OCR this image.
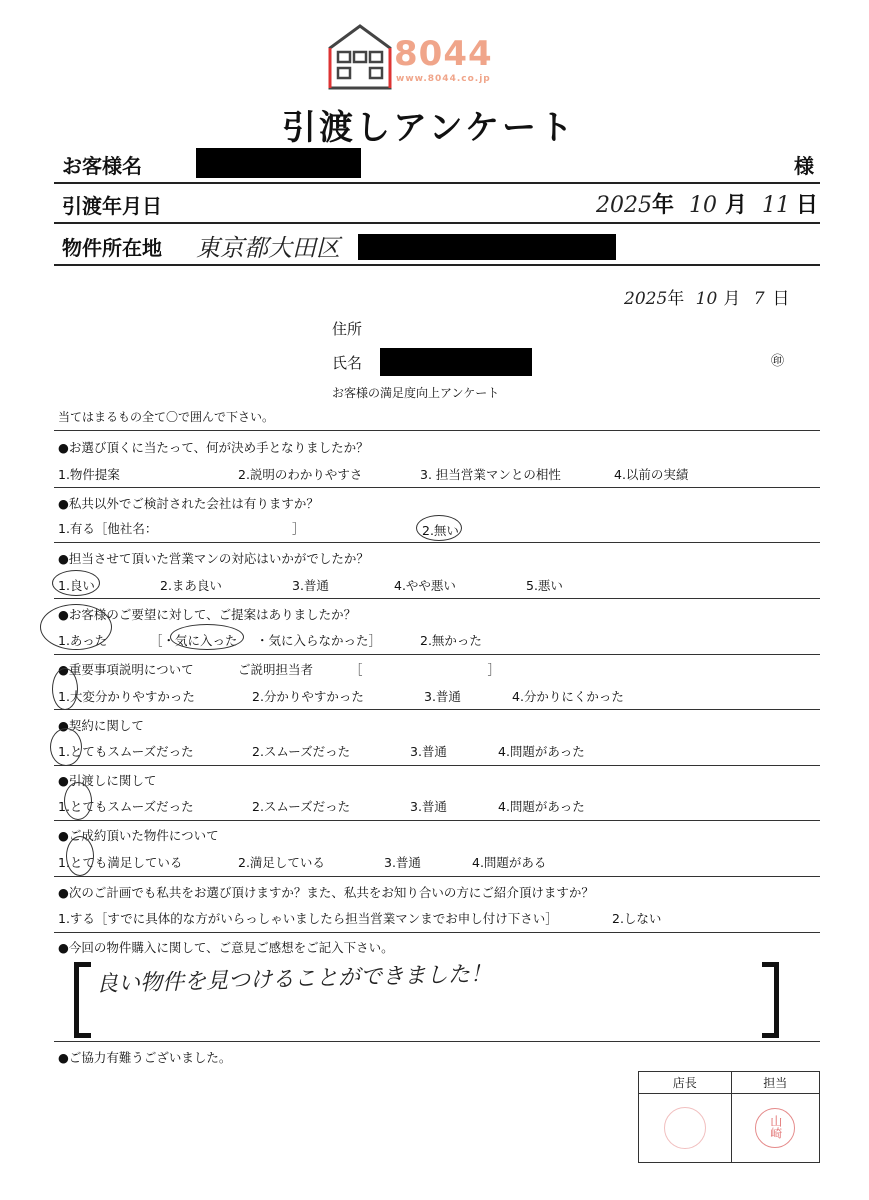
8044
www.8044.co.jp
引渡しアンケート
お客様名	様
引渡年月日	2025年 10 月 11 日
物件所在地 東京都大田区
2025年 10 月 7 日
住所
氏名	㊞
お客様の満足度向上アンケート
当てはまるもの全て〇で囲んで下さい。
●お選び頂くに当たって、何が決め手となりましたか？
1.物件提案	2.説明のわかりやすさ	3. 担当営業マンとの相性	4.以前の実績
●私共以外でご検討された会社は有りますか？
1.有る［他社名：	］	2.無い
●担当させて頂いた営業マンの対応はいかがでしたか？
1.良い	2.まあ良い	3.普通	4.やや悪い	5.悪い
●お客様のご要望に対して、ご提案はありましたか？
1.あった	［・気に入った ・気に入らなかった］	2.無かった
●重要事項説明について	ご説明担当者	［　　　　　　　　　　］
1.大変分かりやすかった	2.分かりやすかった	3.普通	4.分かりにくかった
●契約に関して
1.とてもスムーズだった	2.スムーズだった	3.普通	4.問題があった
●引渡しに関して
1.とてもスムーズだった	2.スムーズだった	3.普通	4.問題があった
●ご成約頂いた物件について
1.とても満足している	2.満足している	3.普通	4.問題がある
●次のご計画でも私共をお選び頂けますか？また、私共をお知り合いの方にご紹介頂けますか？
1.する［すでに具体的な方がいらっしゃいましたら担当営業マンまでお申し付け下さい］	2.しない
●今回の物件購入に関して、ご意見ご感想をご記入下さい。
良い物件を見つけることができました！
●ご協力有難うございました。
店長	担当

	山崎
